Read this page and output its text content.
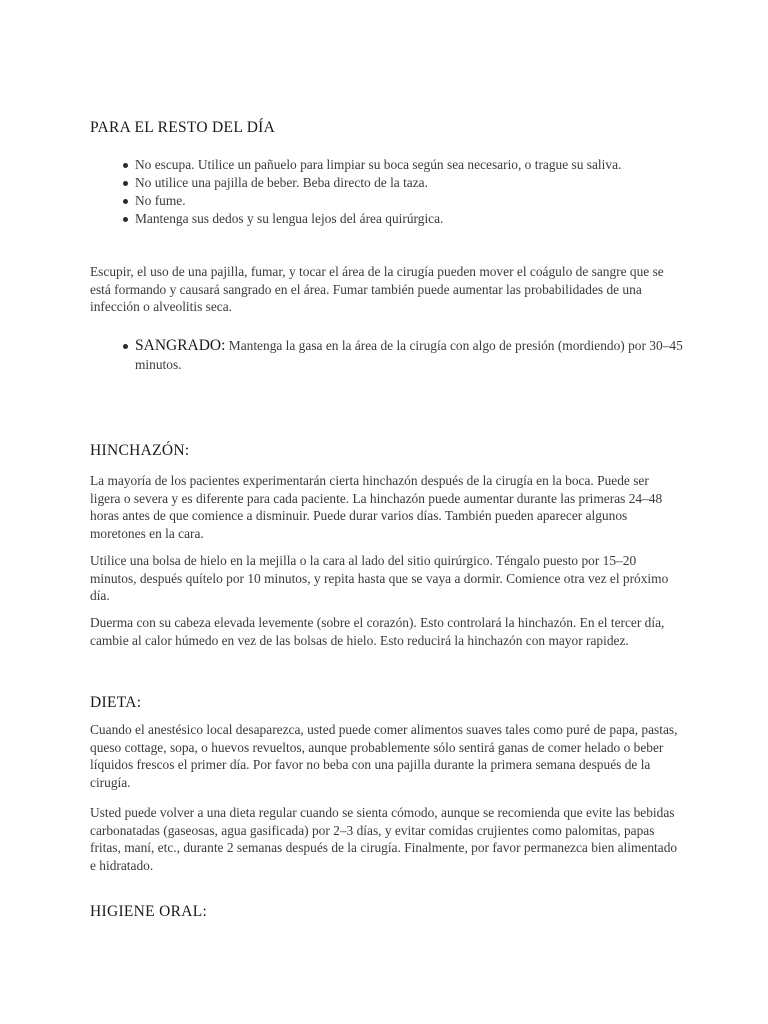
PARA EL RESTO DEL DÍA
No escupa. Utilice un pañuelo para limpiar su boca según sea necesario, o trague su saliva.
No utilice una pajilla de beber. Beba directo de la taza.
No fume.
Mantenga sus dedos y su lengua lejos del área quirúrgica.

Escupir, el uso de una pajilla, fumar, y tocar el área de la cirugía pueden mover el coágulo de sangre que se está formando y causará sangrado en el área. Fumar también puede aumentar las probabilidades de una infección o alveolitis seca.

SANGRADO: Mantenga la gasa en la área de la cirugía con algo de presión (mordiendo) por 30–45 minutos.
HINCHAZÓN:

La mayoría de los pacientes experimentarán cierta hinchazón después de la cirugía en la boca. Puede ser ligera o severa y es diferente para cada paciente. La hinchazón puede aumentar durante las primeras 24–48 horas antes de que comience a disminuir. Puede durar varios días. También pueden aparecer algunos moretones en la cara.

Utilice una bolsa de hielo en la mejilla o la cara al lado del sitio quirúrgico. Téngalo puesto por 15–20 minutos, después quítelo por 10 minutos, y repita hasta que se vaya a dormir. Comience otra vez el próximo día.

Duerma con su cabeza elevada levemente (sobre el corazón). Esto controlará la hinchazón. En el tercer día, cambie al calor húmedo en vez de las bolsas de hielo. Esto reducirá la hinchazón con mayor rapidez.

DIETA:

Cuando el anestésico local desaparezca, usted puede comer alimentos suaves tales como puré de papa, pastas, queso cottage, sopa, o huevos revueltos, aunque probablemente sólo sentirá ganas de comer helado o beber líquidos frescos el primer día. Por favor no beba con una pajilla durante la primera semana después de la cirugía.

Usted puede volver a una dieta regular cuando se sienta cómodo, aunque se recomienda que evite las bebidas carbonatadas (gaseosas, agua gasificada) por 2–3 días, y evitar comidas crujientes como palomitas, papas fritas, maní, etc., durante 2 semanas después de la cirugía. Finalmente, por favor permanezca bien alimentado e hidratado.

HIGIENE ORAL:
